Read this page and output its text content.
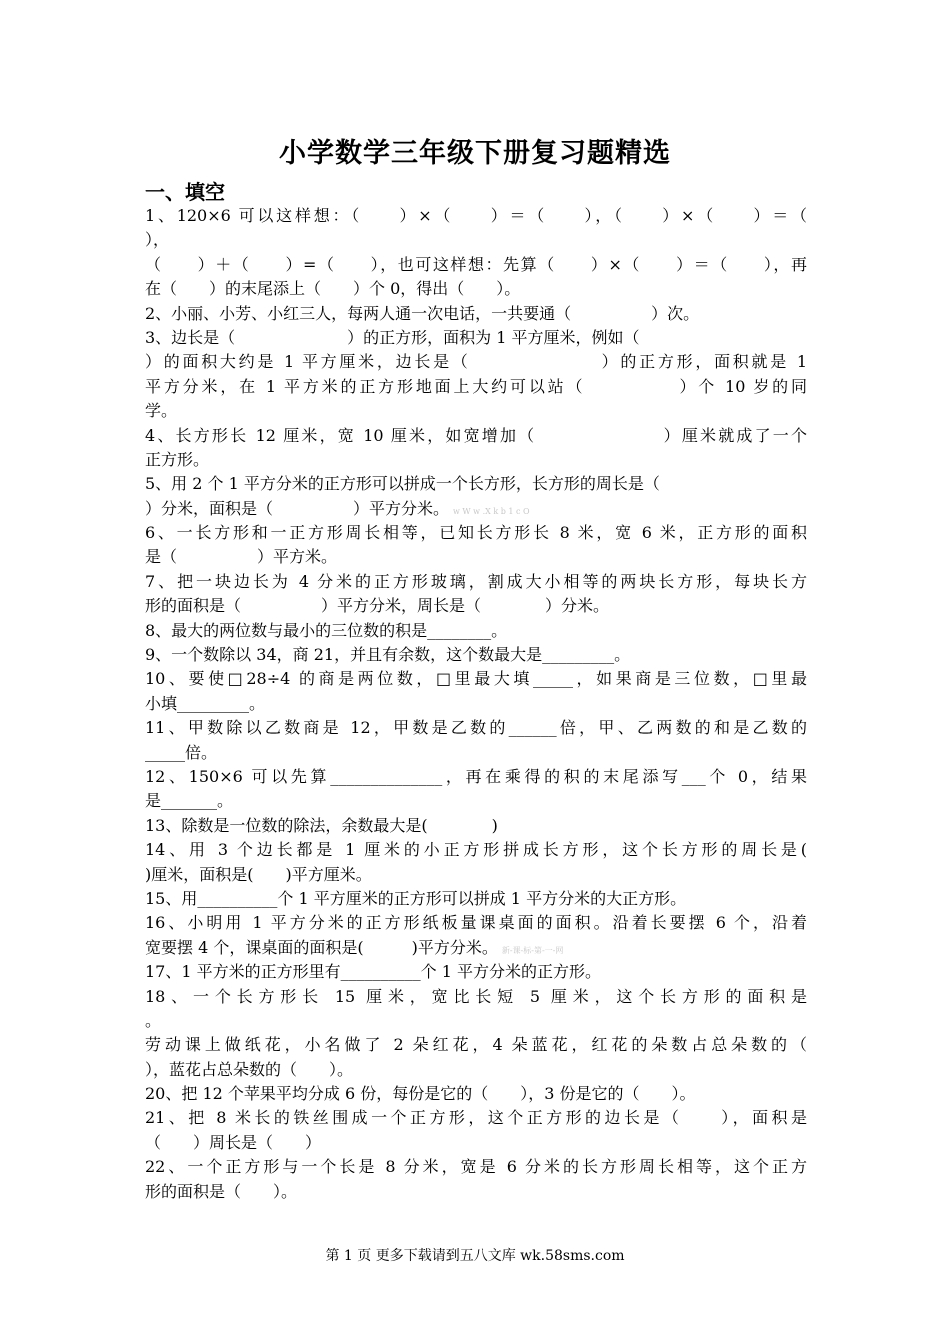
小学数学三年级下册复习题精选
一、填空
1、120×6 可以这样想：（　　）×（　　）＝（　　），（　　）×（　　）＝（
），
（　　）＋（　　）=（　　），也可这样想：先算（　　）×（　　）＝（　　），再
在（　　）的末尾添上（　　）个 0，得出（　　）。
2、小丽、小芳、小红三人，每两人通一次电话，一共要通（　　　　　）次。
3、边长是（　　　　　　　）的正方形，面积为 1 平方厘米，例如（
）的面积大约是 1 平方厘米，边长是（　　　　　　　）的正方形，面积就是 1
平方分米，在 1 平方米的正方形地面上大约可以站（　　　　　）个 10 岁的同
学。
4、长方形长 12 厘米，宽 10 厘米，如宽增加（　　　　　　　）厘米就成了一个
正方形。
5、用 2 个 1 平方分米的正方形可以拼成一个长方形，长方形的周长是（
）分米，面积是（　　　　　）平方分米。 w W w .X k b 1 c O
6、一长方形和一正方形周长相等，已知长方形长 8 米，宽 6 米，正方形的面积
是（　　　　　）平方米。
7、把一块边长为 4 分米的正方形玻璃，割成大小相等的两块长方形，每块长方
形的面积是（　　　　　）平方分米，周长是（　　　　）分米。
8、最大的两位数与最小的三位数的积是________。
9、一个数除以 34，商 21，并且有余数，这个数最大是_________。
10、要使□28÷4 的商是两位数，□里最大填_____，如果商是三位数，□里最
小填_________。
11、甲数除以乙数商是 12，甲数是乙数的______倍，甲、乙两数的和是乙数的
_____倍。
12、150×6 可以先算______________，再在乘得的积的末尾添写___个 0，结果
是_______。
13、除数是一位数的除法，余数最大是(　　　　)
14、用 3 个边长都是 1 厘米的小正方形拼成长方形，这个长方形的周长是(
)厘米，面积是(　　)平方厘米。
15、用__________个 1 平方厘米的正方形可以拼成 1 平方分米的大正方形。
16、小明用 1 平方分米的正方形纸板量课桌面的面积。沿着长要摆 6 个，沿着
宽要摆 4 个，课桌面的面积是(　　　)平方分米。 新-课-标-第-一-网
17、1 平方米的正方形里有__________个 1 平方分米的正方形。
18、一个长方形长 15 厘米，宽比长短 5 厘米，这个长方形的面积是
。
劳动课上做纸花，小名做了 2 朵红花，4 朵蓝花，红花的朵数占总朵数的（
），蓝花占总朵数的（　　）。
20、把 12 个苹果平均分成 6 份，每份是它的（　　），3 份是它的（　　）。
21、把 8 米长的铁丝围成一个正方形，这个正方形的边长是（　　），面积是
（　　）周长是（　　）
22、一个正方形与一个长是 8 分米，宽是 6 分米的长方形周长相等，这个正方
形的面积是（　　）。
第 1 页 更多下载请到五八文库 wk.58sms.com
